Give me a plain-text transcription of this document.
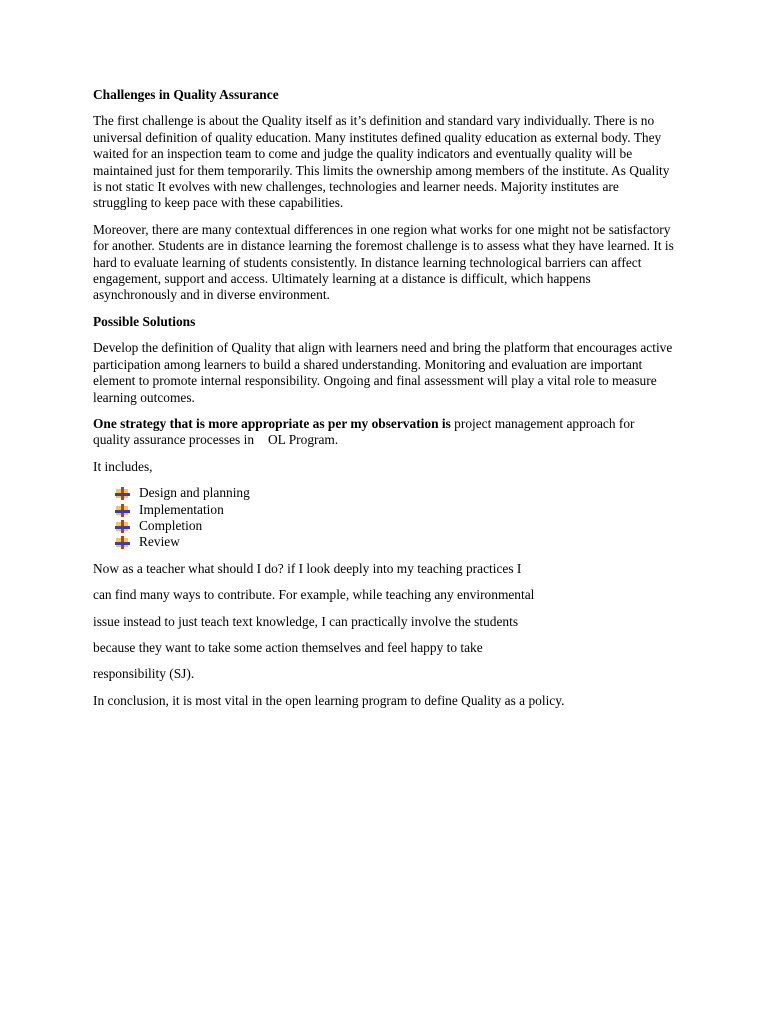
Challenges in Quality Assurance

The first challenge is about the Quality itself as it’s definition and standard vary individually. There is no universal definition of quality education. Many institutes defined quality education as external body. They waited for an inspection team to come and judge the quality indicators and eventually quality will be maintained just for them temporarily. This limits the ownership among members of the institute. As Quality is not static It evolves with new challenges, technologies and learner needs. Majority institutes are struggling to keep pace with these capabilities.

Moreover, there are many contextual differences in one region what works for one might not be satisfactory for another. Students are in distance learning the foremost challenge is to assess what they have learned. It is hard to evaluate learning of students consistently. In distance learning technological barriers can affect engagement, support and access. Ultimately learning at a distance is difficult, which happens asynchronously and in diverse environment.

Possible Solutions

Develop the definition of Quality that align with learners need and bring the platform that encourages active participation among learners to build a shared understanding. Monitoring and evaluation are important element to promote internal responsibility. Ongoing and final assessment will play a vital role to measure learning outcomes.

One strategy that is more appropriate as per my observation is project management approach for quality assurance processes in OL Program.

It includes,

Design and planning
Implementation
Completion
Review

Now as a teacher what should I do? if I look deeply into my teaching practices I

can find many ways to contribute. For example, while teaching any environmental

issue instead to just teach text knowledge, I can practically involve the students

because they want to take some action themselves and feel happy to take

responsibility (SJ).

In conclusion, it is most vital in the open learning program to define Quality as a policy.
